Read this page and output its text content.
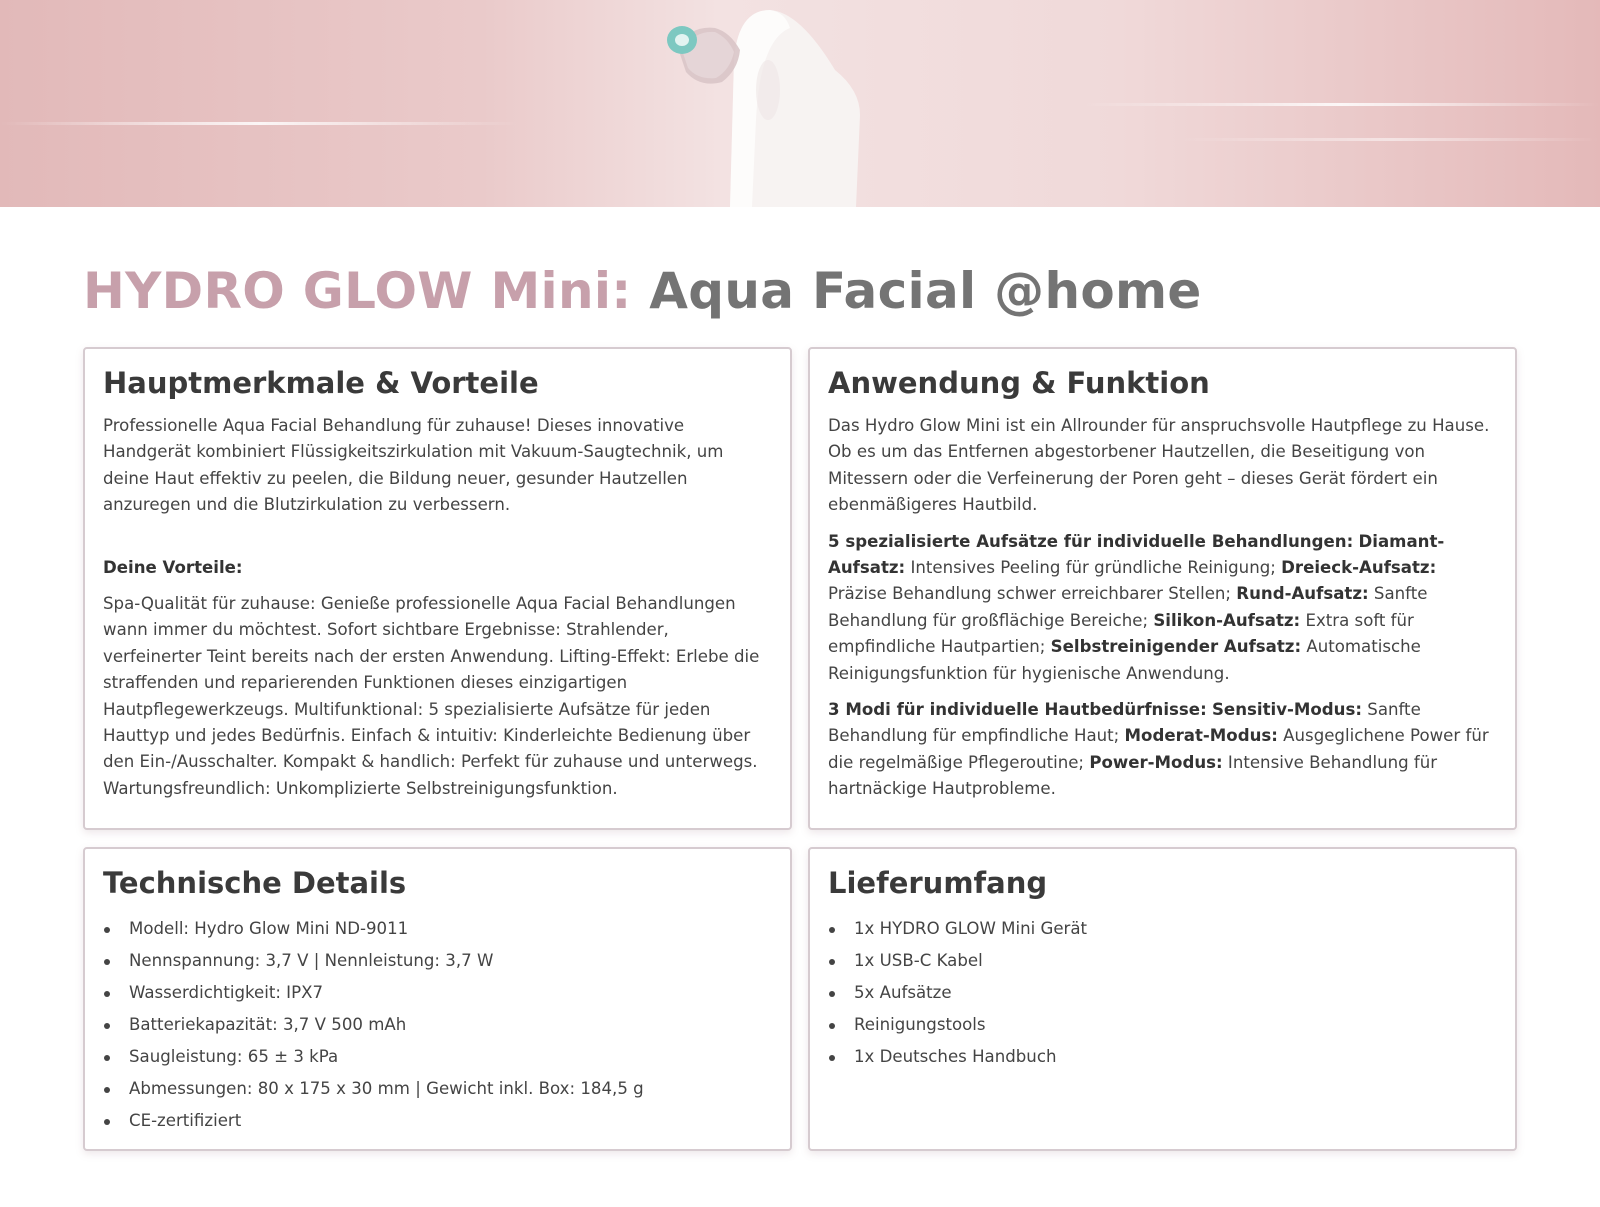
HYDRO GLOW Mini: Aqua Facial @home
Hauptmerkmale & Vorteile

Professionelle Aqua Facial Behandlung für zuhause! Dieses innovative Handgerät kombiniert Flüssigkeitszirkulation mit Vakuum-Saugtechnik, um deine Haut effektiv zu peelen, die Bildung neuer, gesunder Hautzellen anzuregen und die Blutzirkulation zu verbessern.

Deine Vorteile:

Spa-Qualität für zuhause: Genieße professionelle Aqua Facial Behandlungen wann immer du möchtest. Sofort sichtbare Ergebnisse: Strahlender, verfeinerter Teint bereits nach der ersten Anwendung. Lifting-Effekt: Erlebe die straffenden und reparierenden Funktionen dieses einzigartigen Hautpflegewerkzeugs. Multifunktional: 5 spezialisierte Aufsätze für jeden Hauttyp und jedes Bedürfnis. Einfach & intuitiv: Kinderleichte Bedienung über den Ein-/Ausschalter. Kompakt & handlich: Perfekt für zuhause und unterwegs. Wartungsfreundlich: Unkomplizierte Selbstreinigungsfunktion.

Anwendung & Funktion

Das Hydro Glow Mini ist ein Allrounder für anspruchsvolle Hautpflege zu Hause. Ob es um das Entfernen abgestorbener Hautzellen, die Beseitigung von Mitessern oder die Verfeinerung der Poren geht – dieses Gerät fördert ein ebenmäßigeres Hautbild.

5 spezialisierte Aufsätze für individuelle Behandlungen: Diamant-Aufsatz: Intensives Peeling für gründliche Reinigung; Dreieck-Aufsatz: Präzise Behandlung schwer erreichbarer Stellen; Rund-Aufsatz: Sanfte Behandlung für großflächige Bereiche; Silikon-Aufsatz: Extra soft für empfindliche Hautpartien; Selbstreinigender Aufsatz: Automatische Reinigungsfunktion für hygienische Anwendung.

3 Modi für individuelle Hautbedürfnisse: Sensitiv-Modus: Sanfte Behandlung für empfindliche Haut; Moderat-Modus: Ausgeglichene Power für die regelmäßige Pflegeroutine; Power-Modus: Intensive Behandlung für hartnäckige Hautprobleme.

Technische Details
Modell: Hydro Glow Mini ND-9011
Nennspannung: 3,7 V | Nennleistung: 3,7 W
Wasserdichtigkeit: IPX7
Batteriekapazität: 3,7 V 500 mAh
Saugleistung: 65 ± 3 kPa
Abmessungen: 80 x 175 x 30 mm | Gewicht inkl. Box: 184,5 g
CE-zertifiziert
Lieferumfang
1x HYDRO GLOW Mini Gerät
1x USB-C Kabel
5x Aufsätze
Reinigungstools
1x Deutsches Handbuch
